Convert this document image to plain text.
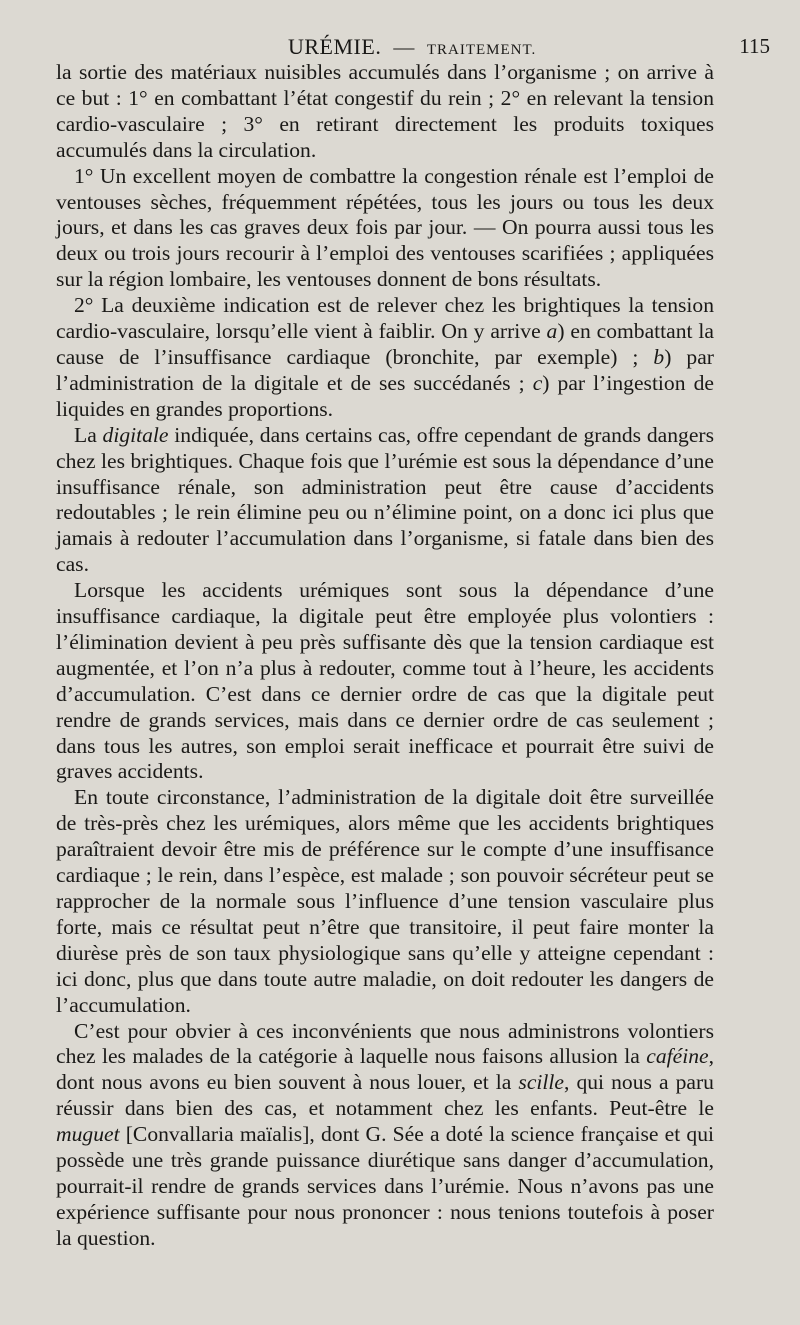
URÉMIE. — TRAITEMENT.	115

la sortie des matériaux nuisibles accumulés dans l’organisme ; on arrive à ce but : 1° en combattant l’état congestif du rein ; 2° en relevant la tension cardio-vasculaire ; 3° en retirant directement les produits toxiques accumulés dans la circulation.

1° Un excellent moyen de combattre la congestion rénale est l’emploi de ventouses sèches, fréquemment répétées, tous les jours ou tous les deux jours, et dans les cas graves deux fois par jour. — On pourra aussi tous les deux ou trois jours recourir à l’emploi des ventouses scarifiées ; appliquées sur la région lombaire, les ventouses donnent de bons résultats.

2° La deuxième indication est de relever chez les brightiques la tension cardio-vasculaire, lorsqu’elle vient à faiblir. On y arrive a) en combattant la cause de l’insuffisance cardiaque (bronchite, par exemple) ; b) par l’administration de la digitale et de ses succédanés ; c) par l’ingestion de liquides en grandes proportions.

La digitale indiquée, dans certains cas, offre cependant de grands dangers chez les brightiques. Chaque fois que l’urémie est sous la dépendance d’une insuffisance rénale, son administration peut être cause d’accidents redoutables ; le rein élimine peu ou n’élimine point, on a donc ici plus que jamais à redouter l’accumulation dans l’organisme, si fatale dans bien des cas.

Lorsque les accidents urémiques sont sous la dépendance d’une insuffisance cardiaque, la digitale peut être employée plus volontiers : l’élimination devient à peu près suffisante dès que la tension cardiaque est augmentée, et l’on n’a plus à redouter, comme tout à l’heure, les accidents d’accumulation. C’est dans ce dernier ordre de cas que la digitale peut rendre de grands services, mais dans ce dernier ordre de cas seulement ; dans tous les autres, son emploi serait inefficace et pourrait être suivi de graves accidents.

En toute circonstance, l’administration de la digitale doit être surveillée de très-près chez les urémiques, alors même que les accidents brightiques paraîtraient devoir être mis de préférence sur le compte d’une insuffisance cardiaque ; le rein, dans l’espèce, est malade ; son pouvoir sécréteur peut se rapprocher de la normale sous l’influence d’une tension vasculaire plus forte, mais ce résultat peut n’être que transitoire, il peut faire monter la diurèse près de son taux physiologique sans qu’elle y atteigne cependant : ici donc, plus que dans toute autre maladie, on doit redouter les dangers de l’accumulation.

C’est pour obvier à ces inconvénients que nous administrons volontiers chez les malades de la catégorie à laquelle nous faisons allusion la caféine, dont nous avons eu bien souvent à nous louer, et la scille, qui nous a paru réussir dans bien des cas, et notamment chez les enfants. Peut-être le muguet [Convallaria maïalis], dont G. Sée a doté la science française et qui possède une très grande puissance diurétique sans danger d’accumulation, pourrait-il rendre de grands services dans l’urémie. Nous n’avons pas une expérience suffisante pour nous prononcer : nous tenions toutefois à poser la question.
